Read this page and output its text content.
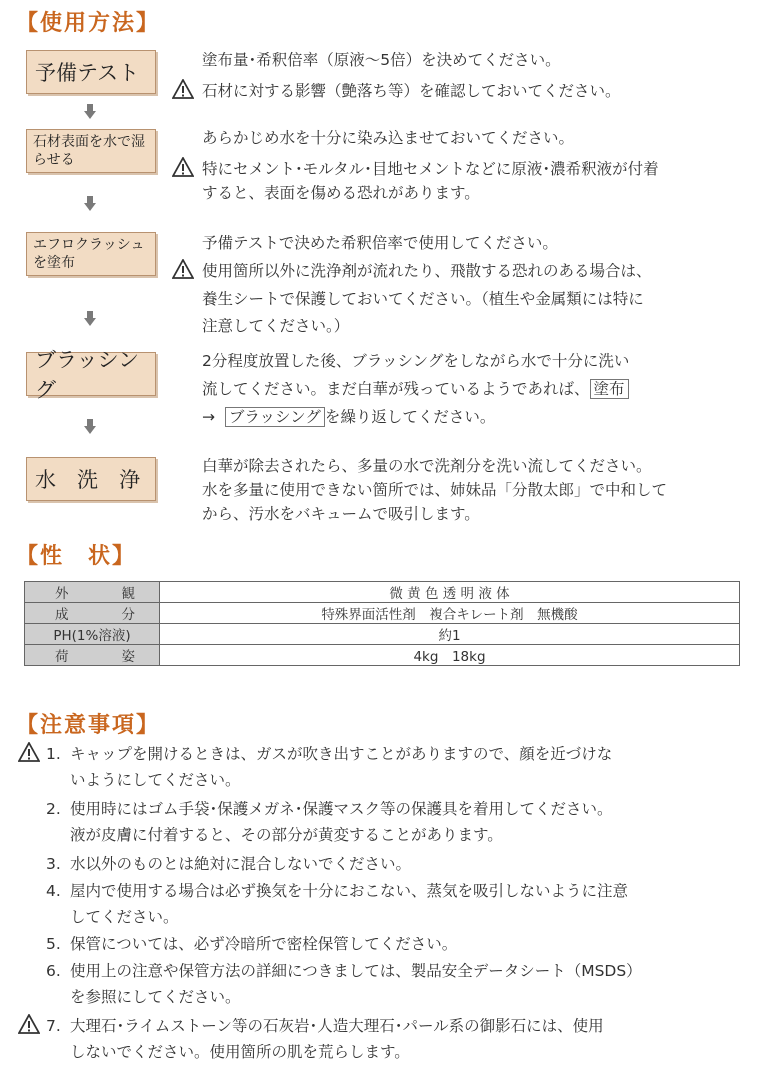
【使用方法】
予備テスト
塗布量･希釈倍率（原液〜5倍）を決めてください。
石材に対する影響（艶落ち等）を確認しておいてください。
石材表面を水で湿らせる
あらかじめ水を十分に染み込ませておいてください。
特にセメント･モルタル･目地セメントなどに原液･濃希釈液が付着
すると、表面を傷める恐れがあります。
エフロクラッシュを塗布
予備テストで決めた希釈倍率で使用してください。
使用箇所以外に洗浄剤が流れたり、飛散する恐れのある場合は、
養生シートで保護しておいてください。（植生や金属類には特に
注意してください。）
ブラッシング
2分程度放置した後、ブラッシングをしながら水で十分に洗い
流してください。まだ白華が残っているようであれば、 塗布
→ ブラッシング を繰り返してください。
水　洗　浄
白華が除去されたら、多量の水で洗剤分を洗い流してください。
水を多量に使用できない箇所では、姉妹品「分散太郎」で中和して
から、汚水をバキュームで吸引します。
【性　状】
外 観	微 黄 色 透 明 液 体

成 分	特殊界面活性剤　複合キレート剤　無機酸

PH(1%溶液)	約1

荷 姿	4kg　18kg
【注意事項】
1. キャップを開けるときは、ガスが吹き出すことがありますので、顔を近づけな
いようにしてください。
2. 使用時にはゴム手袋･保護メガネ･保護マスク等の保護具を着用してください。
液が皮膚に付着すると、その部分が黄変することがあります。
3. 水以外のものとは絶対に混合しないでください。
4. 屋内で使用する場合は必ず換気を十分におこない、蒸気を吸引しないように注意
してください。
5. 保管については、必ず冷暗所で密栓保管してください。
6. 使用上の注意や保管方法の詳細につきましては、製品安全データシート（MSDS）
を参照にしてください。
7. 大理石･ライムストーン等の石灰岩･人造大理石･パール系の御影石には、使用
しないでください。使用箇所の肌を荒らします。
